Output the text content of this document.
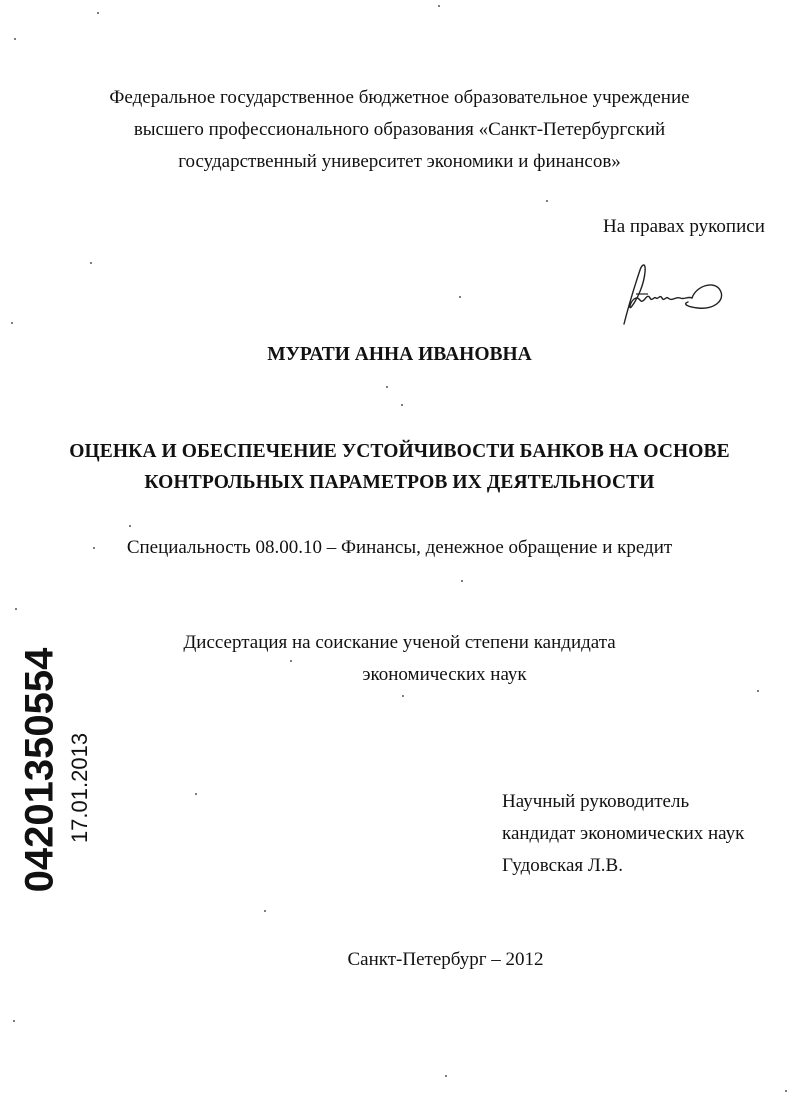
Федеральное государственное бюджетное образовательное учреждение
высшего профессионального образования «Санкт-Петербургский
государственный университет экономики и финансов»
На правах рукописи
МУРАТИ АННА ИВАНОВНА
ОЦЕНКА И ОБЕСПЕЧЕНИЕ УСТОЙЧИВОСТИ БАНКОВ НА ОСНОВЕ
КОНТРОЛЬНЫХ ПАРАМЕТРОВ ИХ ДЕЯТЕЛЬНОСТИ
Специальность 08.00.10 – Финансы, денежное обращение и кредит
Диссертация на соискание ученой степени кандидата
экономических наук
Научный руководитель
кандидат экономических наук
Гудовская Л.В.
Санкт-Петербург – 2012
04201350554 17.01.2013
